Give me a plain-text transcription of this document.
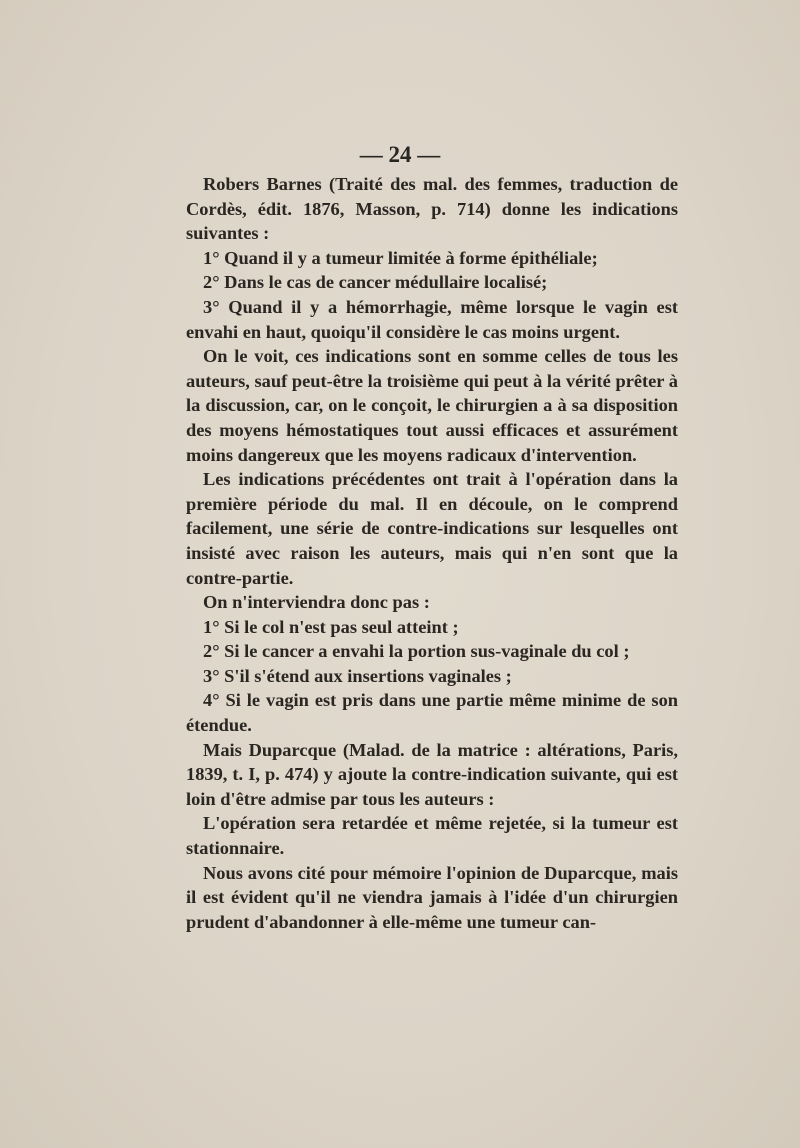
— 24 —

Robers Barnes (Traité des mal. des femmes, traduction de Cordès, édit. 1876, Masson, p. 714) donne les indications suivantes :

1° Quand il y a tumeur limitée à forme épithéliale;

2° Dans le cas de cancer médullaire localisé;

3° Quand il y a hémorrhagie, même lorsque le vagin est envahi en haut, quoiqu'il considère le cas moins urgent.

On le voit, ces indications sont en somme celles de tous les auteurs, sauf peut-être la troisième qui peut à la vérité prêter à la discussion, car, on le conçoit, le chirurgien a à sa disposition des moyens hémostatiques tout aussi efficaces et assurément moins dangereux que les moyens radicaux d'intervention.

Les indications précédentes ont trait à l'opération dans la première période du mal. Il en découle, on le comprend facilement, une série de contre-indications sur lesquelles ont insisté avec raison les auteurs, mais qui n'en sont que la contre-partie.

On n'interviendra donc pas :

1° Si le col n'est pas seul atteint ;

2° Si le cancer a envahi la portion sus-vaginale du col ;

3° S'il s'étend aux insertions vaginales ;

4° Si le vagin est pris dans une partie même minime de son étendue.

Mais Duparcque (Malad. de la matrice : altérations, Paris, 1839, t. I, p. 474) y ajoute la contre-indication suivante, qui est loin d'être admise par tous les auteurs :

L'opération sera retardée et même rejetée, si la tumeur est stationnaire.

Nous avons cité pour mémoire l'opinion de Duparcque, mais il est évident qu'il ne viendra jamais à l'idée d'un chirurgien prudent d'abandonner à elle-même une tumeur can-
